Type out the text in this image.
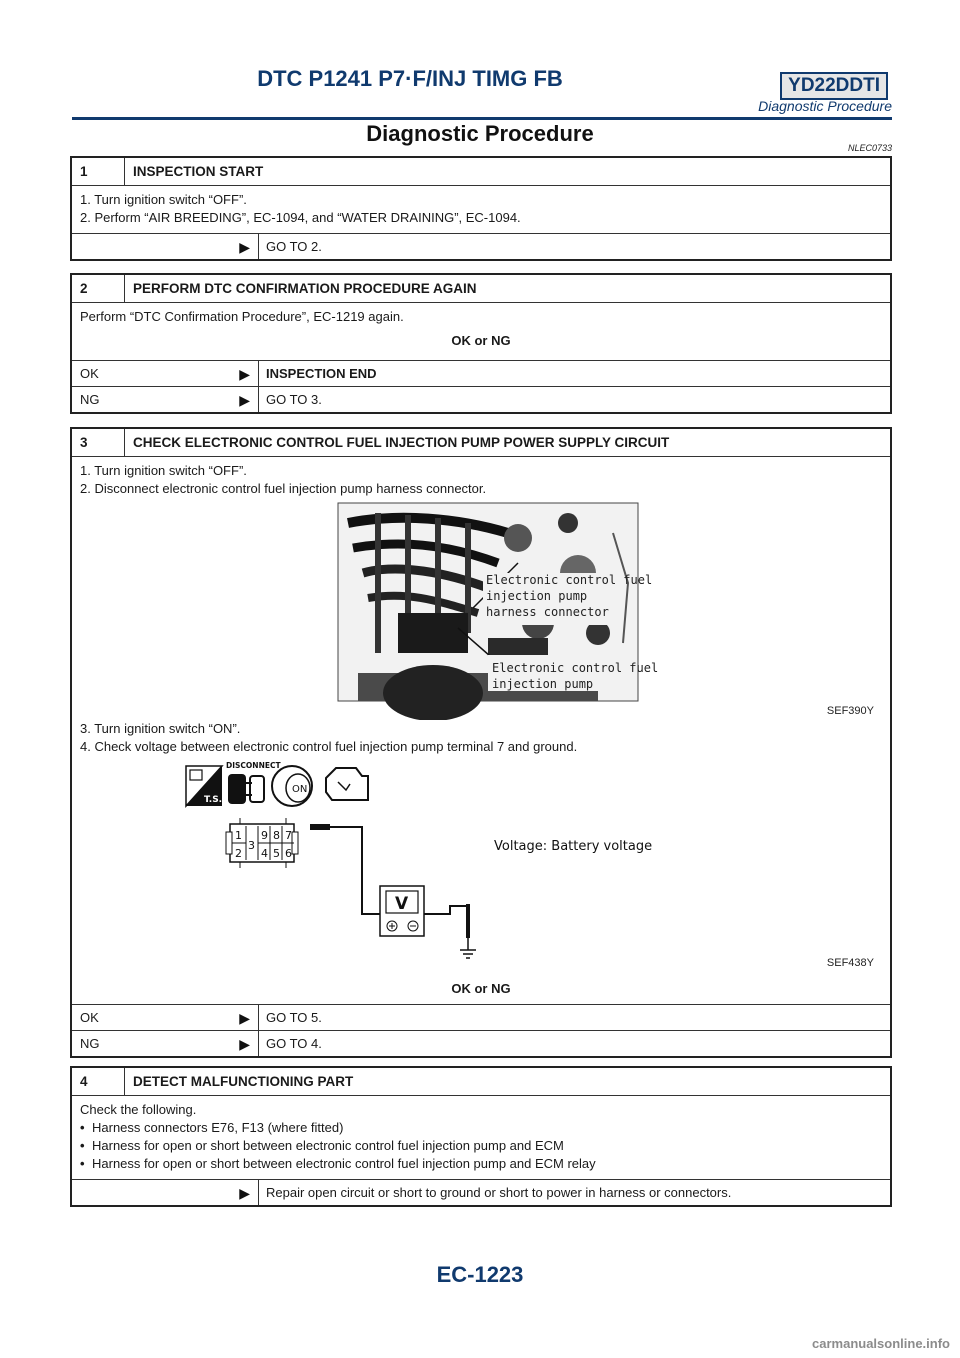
DTC P1241 P7·F/INJ TIMG FB	YD22DDTI
Diagnostic Procedure
Diagnostic Procedure
NLEC0733
1	INSPECTION START
1. Turn ignition switch “OFF”.
2. Perform “AIR BREEDING”, EC-1094, and “WATER DRAINING”, EC-1094.
▶	GO TO 2.
2	PERFORM DTC CONFIRMATION PROCEDURE AGAIN
Perform “DTC Confirmation Procedure”, EC-1219 again.
OK or NG
OK	▶	INSPECTION END
NG	▶	GO TO 3.
3	CHECK ELECTRONIC CONTROL FUEL INJECTION PUMP POWER SUPPLY CIRCUIT
1. Turn ignition switch “OFF”.
2. Disconnect electronic control fuel injection pump harness connector.
Electronic control fuel injection pump harness connector
Electronic control fuel injection pump
SEF390Y
3. Turn ignition switch “ON”.
4. Check voltage between electronic control fuel injection pump terminal 7 and ground.
T.S.
DISCONNECT
ON
1
2
3
9 8 7
4 5 6
V
Voltage: Battery voltage
SEF438Y
OK or NG
OK	▶	GO TO 5.
NG	▶	GO TO 4.
4	DETECT MALFUNCTIONING PART
Check the following.
• Harness connectors E76, F13 (where fitted)
• Harness for open or short between electronic control fuel injection pump and ECM
• Harness for open or short between electronic control fuel injection pump and ECM relay
▶	Repair open circuit or short to ground or short to power in harness or connectors.
EC-1223
carmanualsonline.info
